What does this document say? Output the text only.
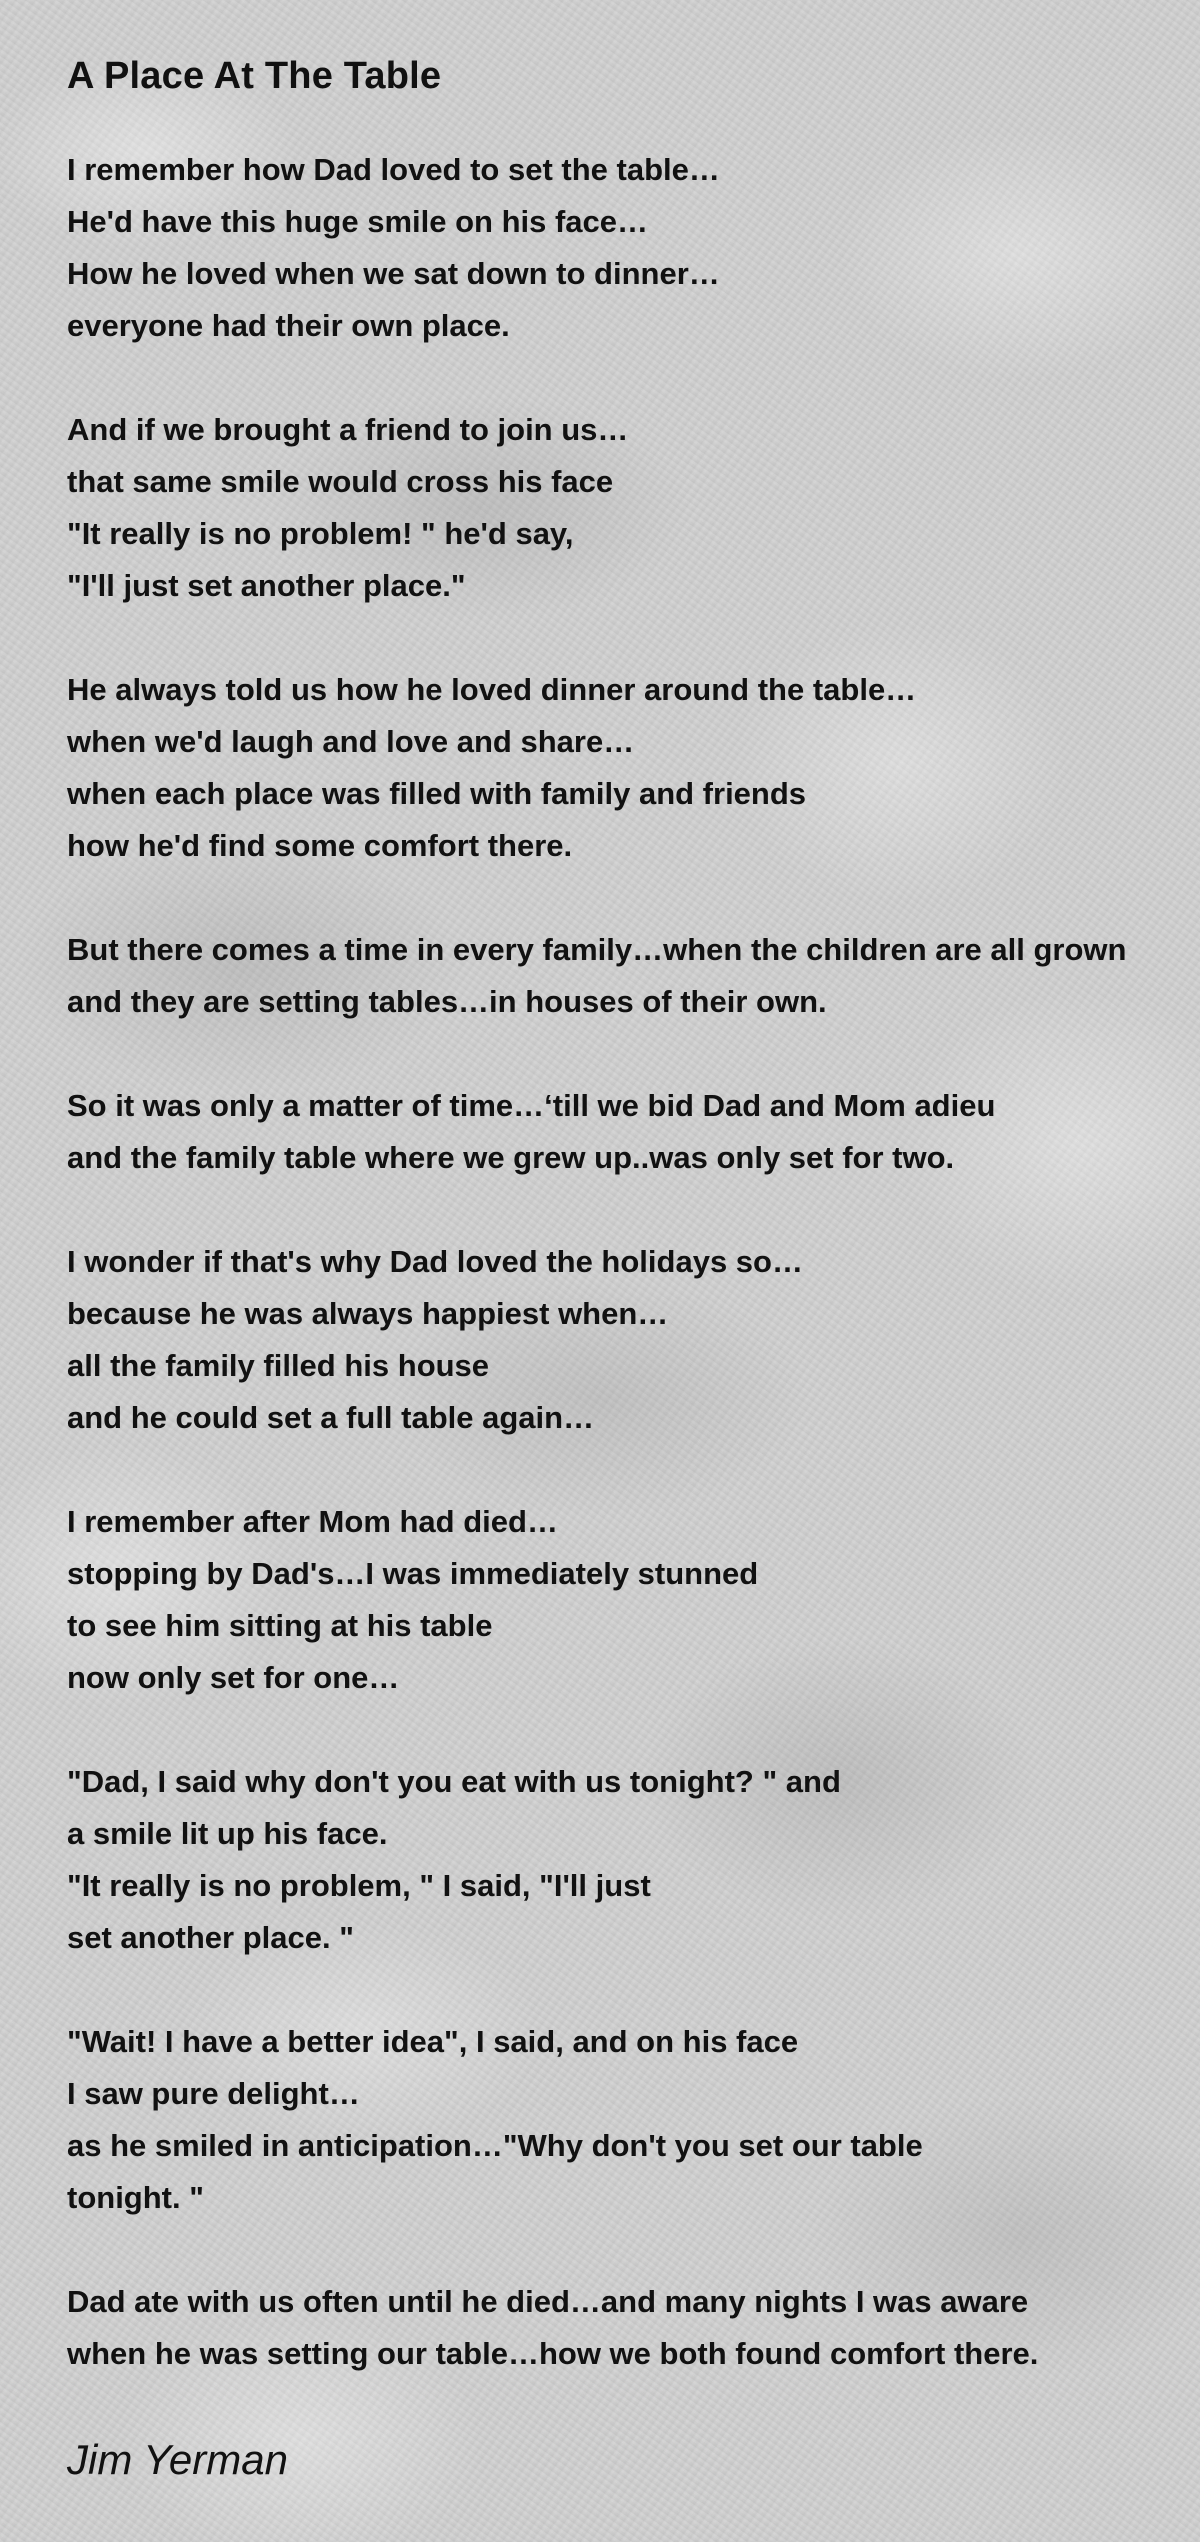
A Place At The Table
I remember how Dad loved to set the table…
He'd have this huge smile on his face…
How he loved when we sat down to dinner…
everyone had their own place.
And if we brought a friend to join us…
that same smile would cross his face
"It really is no problem! " he'd say,
"I'll just set another place."
He always told us how he loved dinner around the table…
when we'd laugh and love and share…
when each place was filled with family and friends
how he'd find some comfort there.
But there comes a time in every family…when the children are all grown
and they are setting tables…in houses of their own.
So it was only a matter of time…‘till we bid Dad and Mom adieu
and the family table where we grew up..was only set for two.
I wonder if that's why Dad loved the holidays so…
because he was always happiest when…
all the family filled his house
and he could set a full table again…
I remember after Mom had died…
stopping by Dad's…I was immediately stunned
to see him sitting at his table
now only set for one…
"Dad, I said why don't you eat with us tonight? " and
a smile lit up his face.
"It really is no problem, " I said, "I'll just
set another place. "
"Wait! I have a better idea", I said, and on his face
I saw pure delight…
as he smiled in anticipation…"Why don't you set our table
tonight. "
Dad ate with us often until he died…and many nights I was aware
when he was setting our table…how we both found comfort there.
Jim Yerman
